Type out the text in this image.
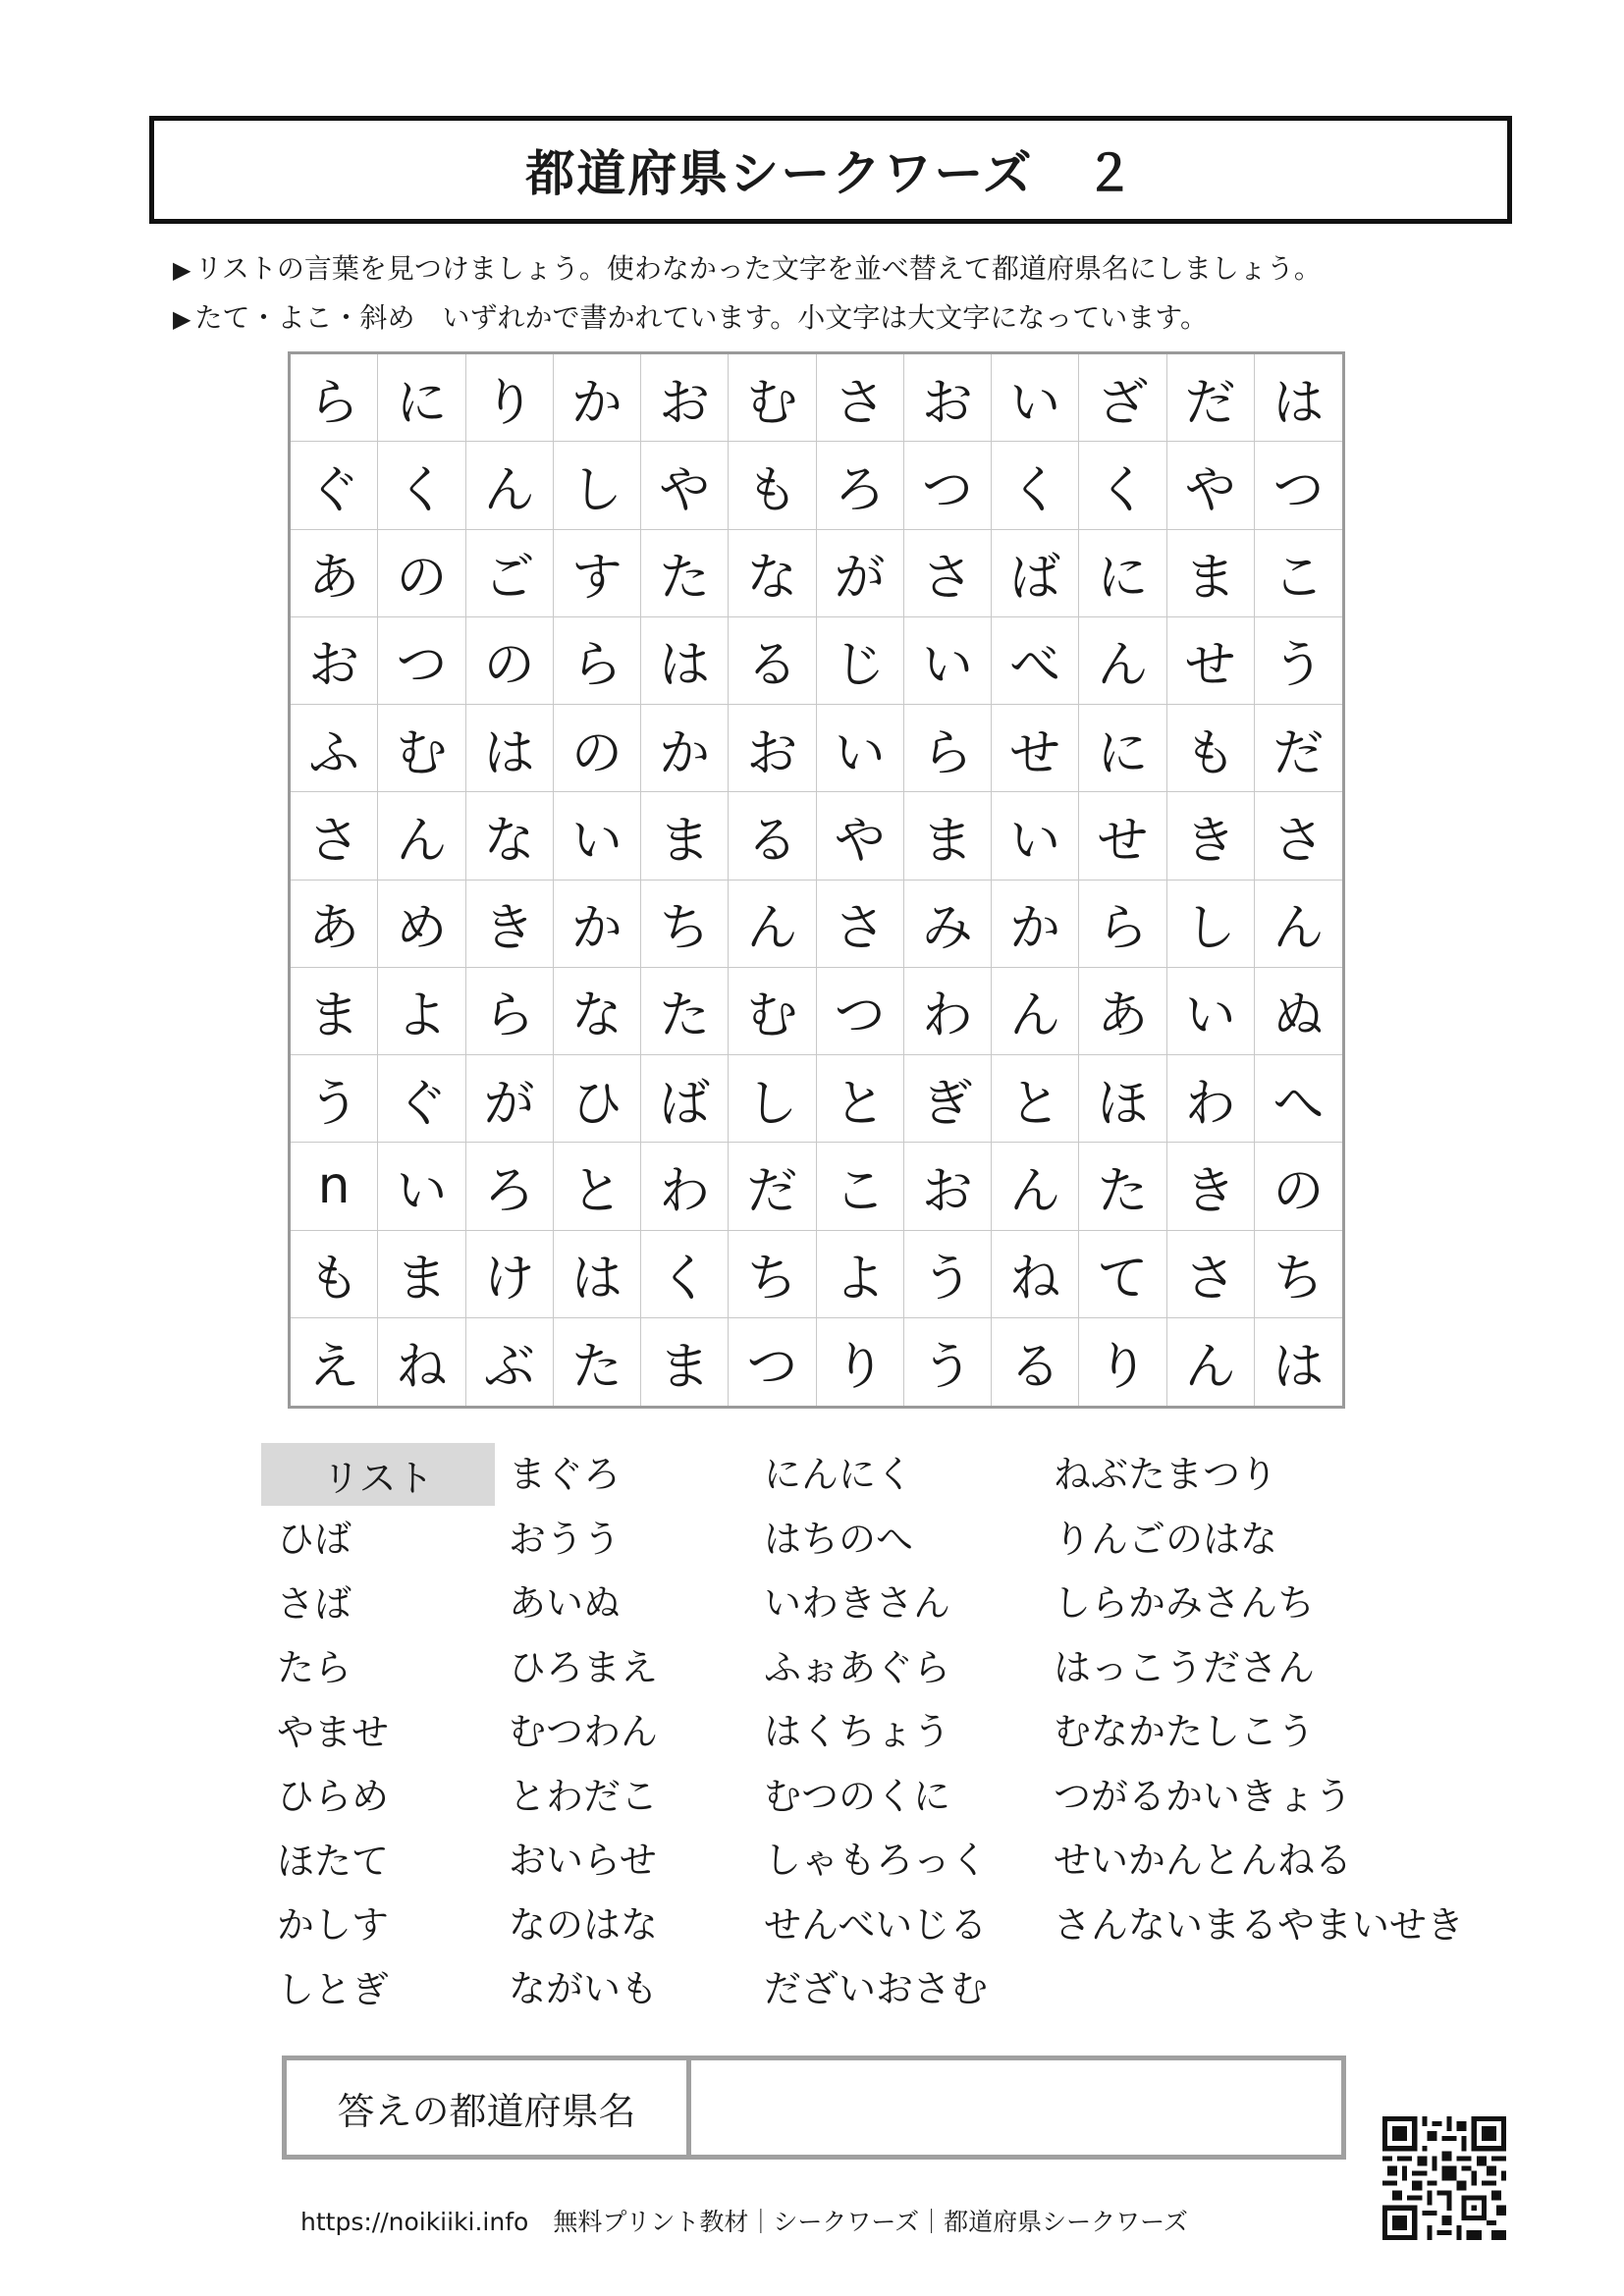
都道府県シークワーズ　２
▶ リストの言葉を見つけましょう。使わなかった文字を並べ替えて都道府県名にしましょう。
▶ たて・よこ・斜め　いずれかで書かれています。小文字は大文字になっています。
ら に り か お む さ お い ざ だ は
ぐ く ん し や も ろ つ く く や つ
あ の ご す た な が さ ば に ま こ
お つ の ら は る じ い べ ん せ う
ふ む は の か お い ら せ に も だ
さ ん な い ま る や ま い せ き さ
あ め き か ち ん さ み か ら し ん
ま よ ら な た む つ わ ん あ い ぬ
う ぐ が ひ ば し と ぎ と ほ わ へ
n い ろ と わ だ こ お ん た き の
も ま け は く ち よ う ね て さ ち
え ね ぶ た ま つ り う る り ん は
リスト
ひば
さば
たら
やませ
ひらめ
ほたて
かしす
しとぎ
まぐろ
おうう
あいぬ
ひろまえ
むつわん
とわだこ
おいらせ
なのはな
ながいも
にんにく
はちのへ
いわきさん
ふぉあぐら
はくちょう
むつのくに
しゃもろっく
せんべいじる
だざいおさむ
ねぶたまつり
りんごのはな
しらかみさんち
はっこうださん
むなかたしこう
つがるかいきょう
せいかんとんねる
さんないまるやまいせき
答えの都道府県名
https://noikiiki.info　無料プリント教材｜シークワーズ｜都道府県シークワーズ
